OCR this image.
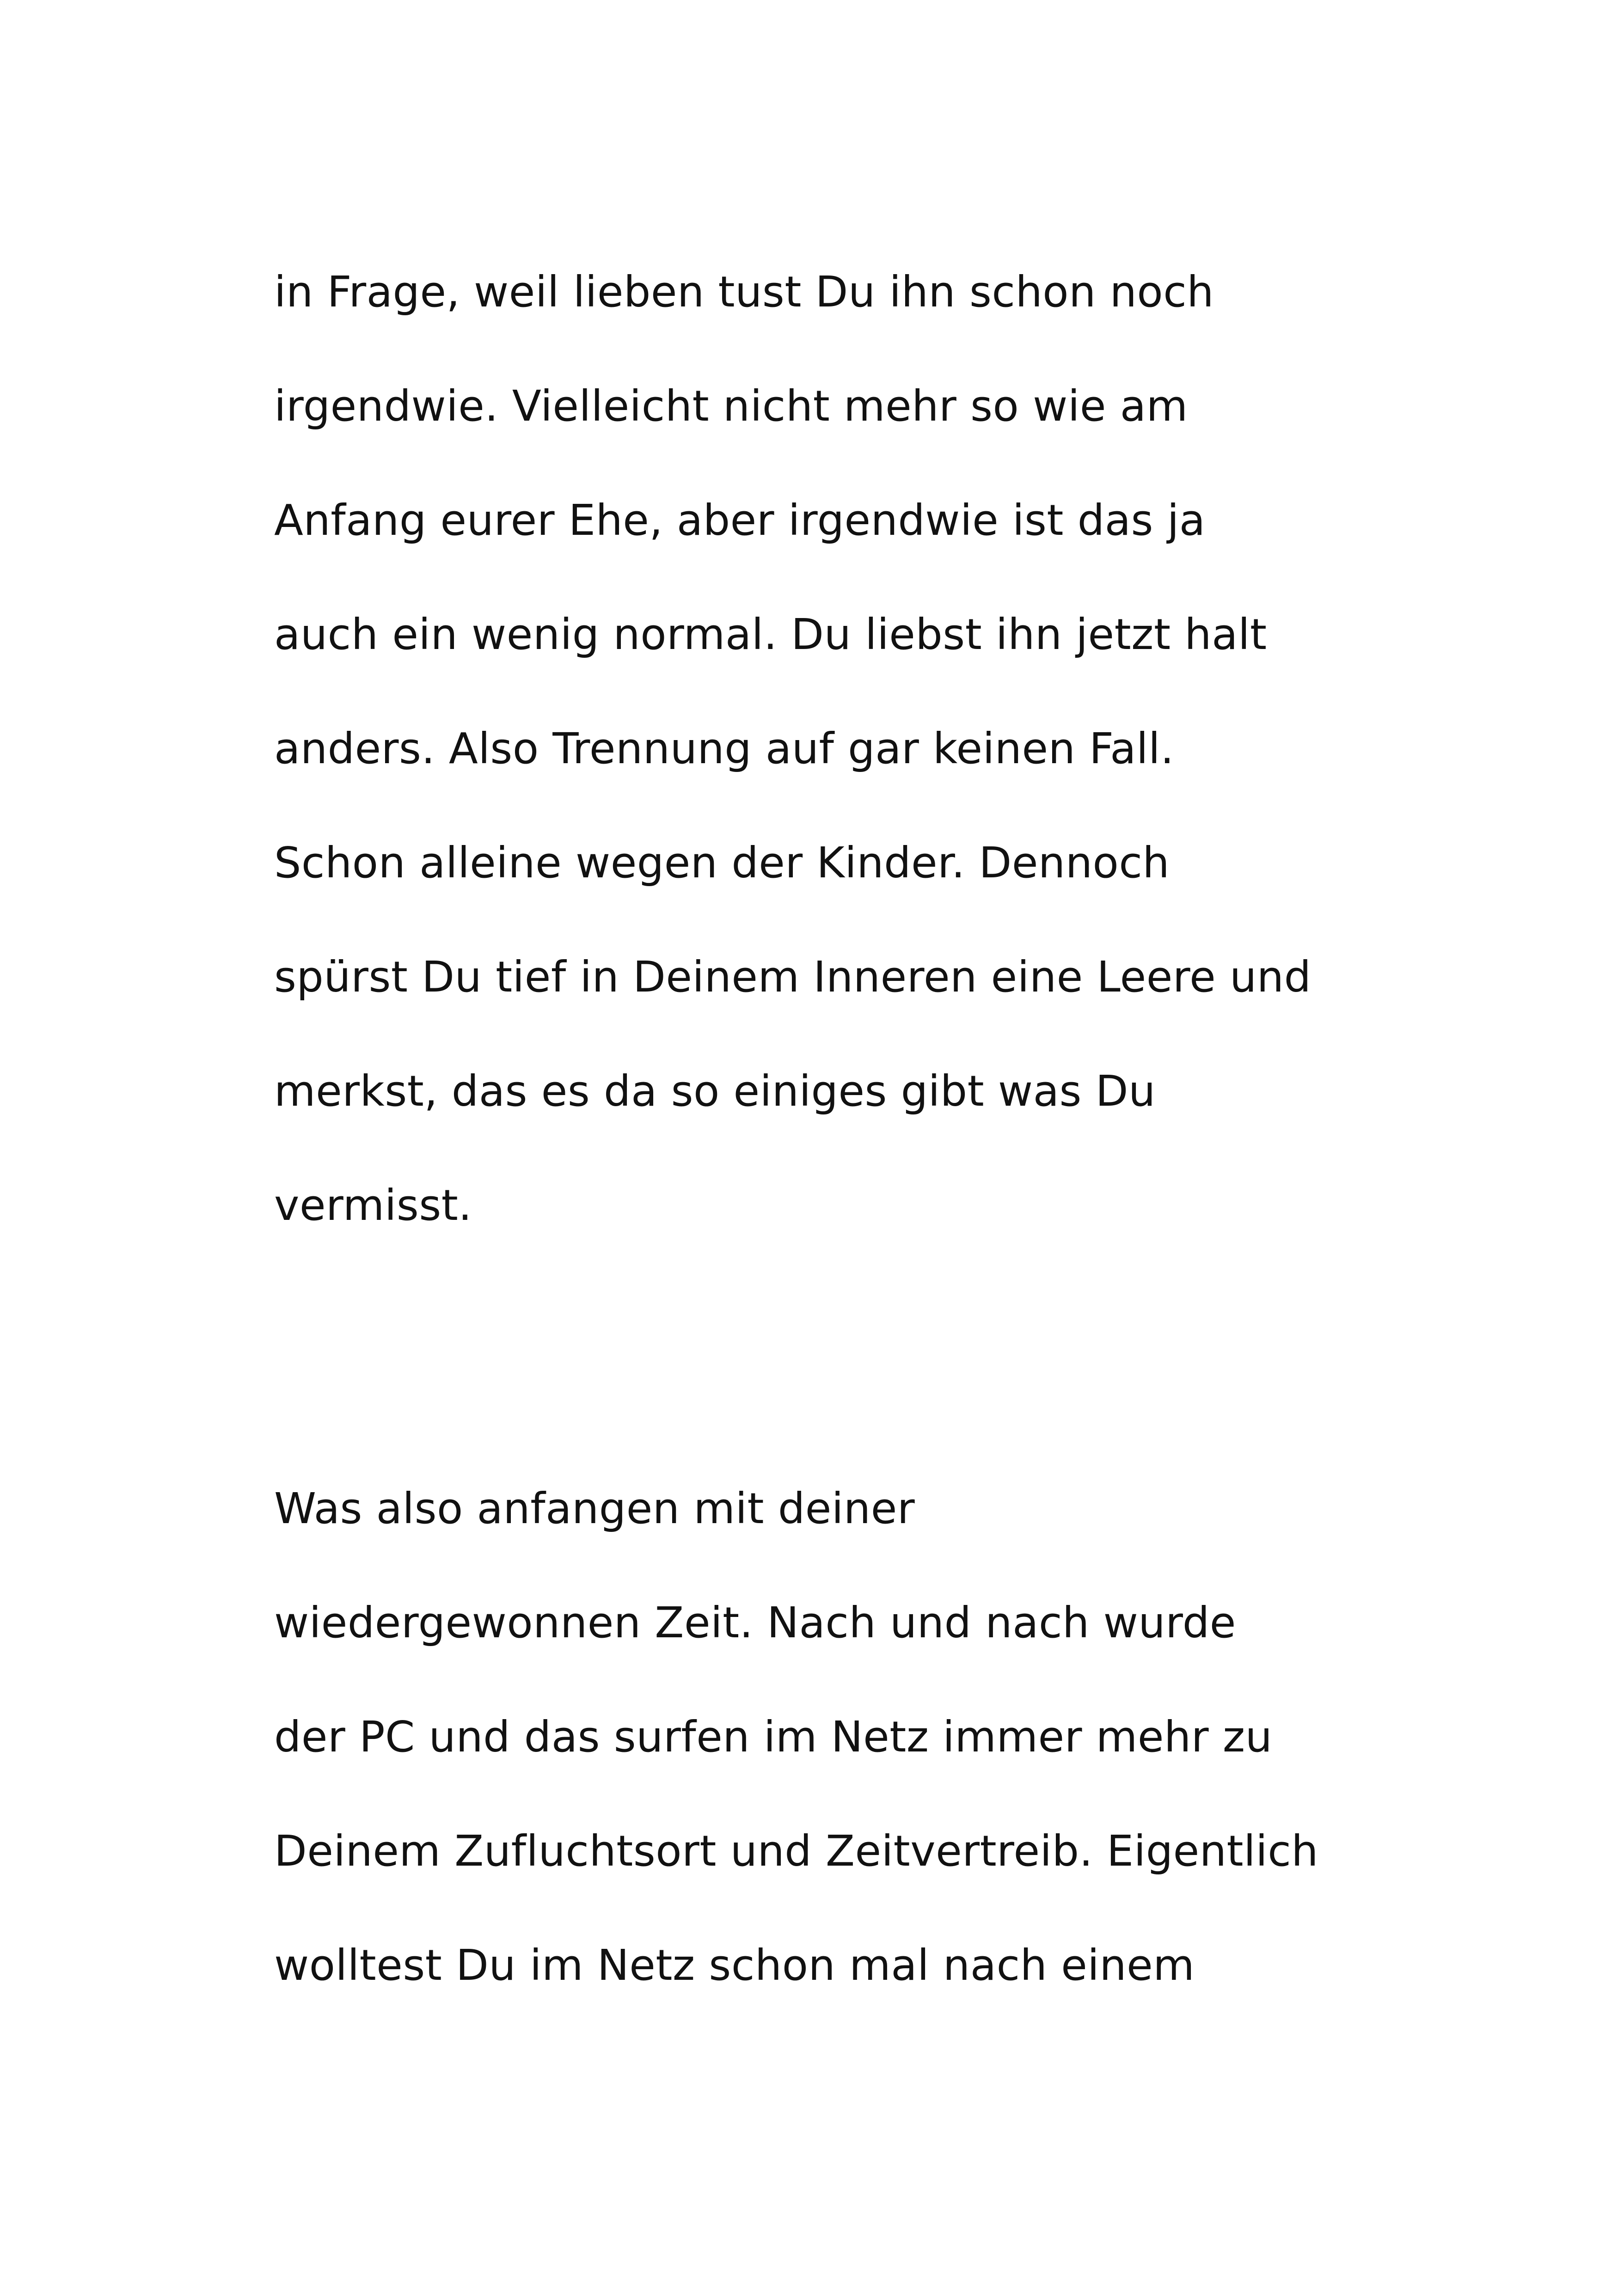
in Frage, weil lieben tust Du ihn schon noch
irgendwie. Vielleicht nicht mehr so wie am
Anfang eurer Ehe, aber irgendwie ist das ja
auch ein wenig normal. Du liebst ihn jetzt halt
anders. Also Trennung auf gar keinen Fall.
Schon alleine wegen der Kinder. Dennoch
spürst Du tief in Deinem Inneren eine Leere und
merkst, das es da so einiges gibt was Du
vermisst.
Was also anfangen mit deiner
wiedergewonnen Zeit. Nach und nach wurde
der PC und das surfen im Netz immer mehr zu
Deinem Zufluchtsort und Zeitvertreib. Eigentlich
wolltest Du im Netz schon mal nach einem
